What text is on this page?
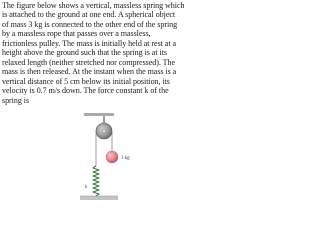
The figure below shows a vertical, massless spring which
is attached to the ground at one end. A spherical object
of mass 3 kg is connected to the other end of the spring
by a massless rope that passes over a massless,
frictionless pulley. The mass is initially held at rest at a
height above the ground such that the spring is at its
relaxed length (neither stretched nor compressed). The
mass is then released. At the instant when the mass is a
vertical distance of 5 cm below its initial position, its
velocity is 0.7 m/s down. The force constant k of the
spring is
3 kg
k
